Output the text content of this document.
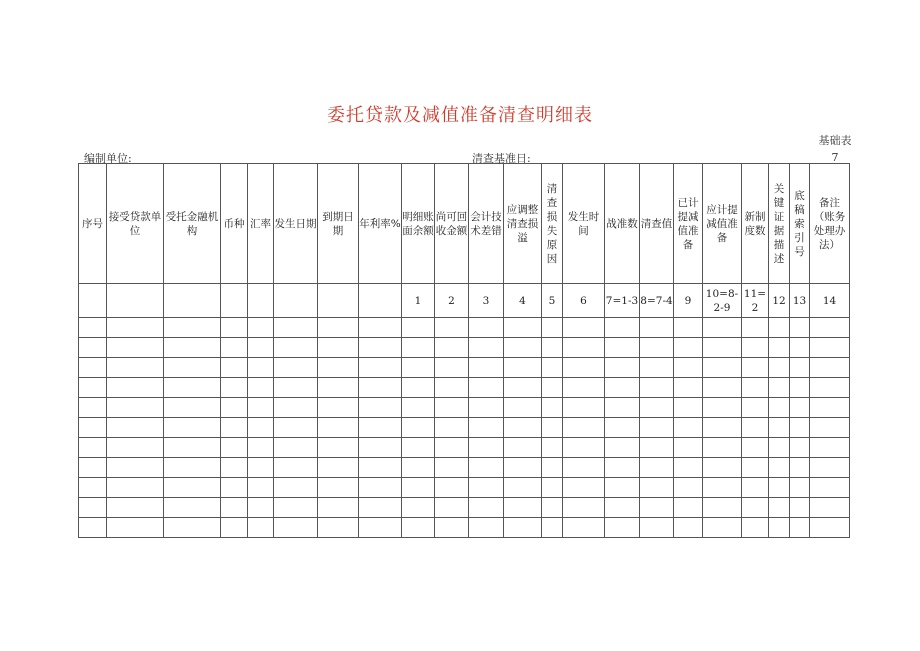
委托贷款及减值准备清查明细表
编制单位:	清查基准日:
基础表7
序号	接受贷款单位	受托金融机构	币种	汇率	发生日期	到期日期	年利率%	明细账面余额	尚可回收金额	会计技术差错	应调整清查损溢	清查损失原因	发生时间	战准数	清查值	已计提减值准备	应计提减值准备	新制度数	关键证据描述	底稿索引号	备注（账务处理办法）

								1	2	3	4	5	6	7=1-3	8=7-4	9	10=8-2-9	11=2	12	13	14
